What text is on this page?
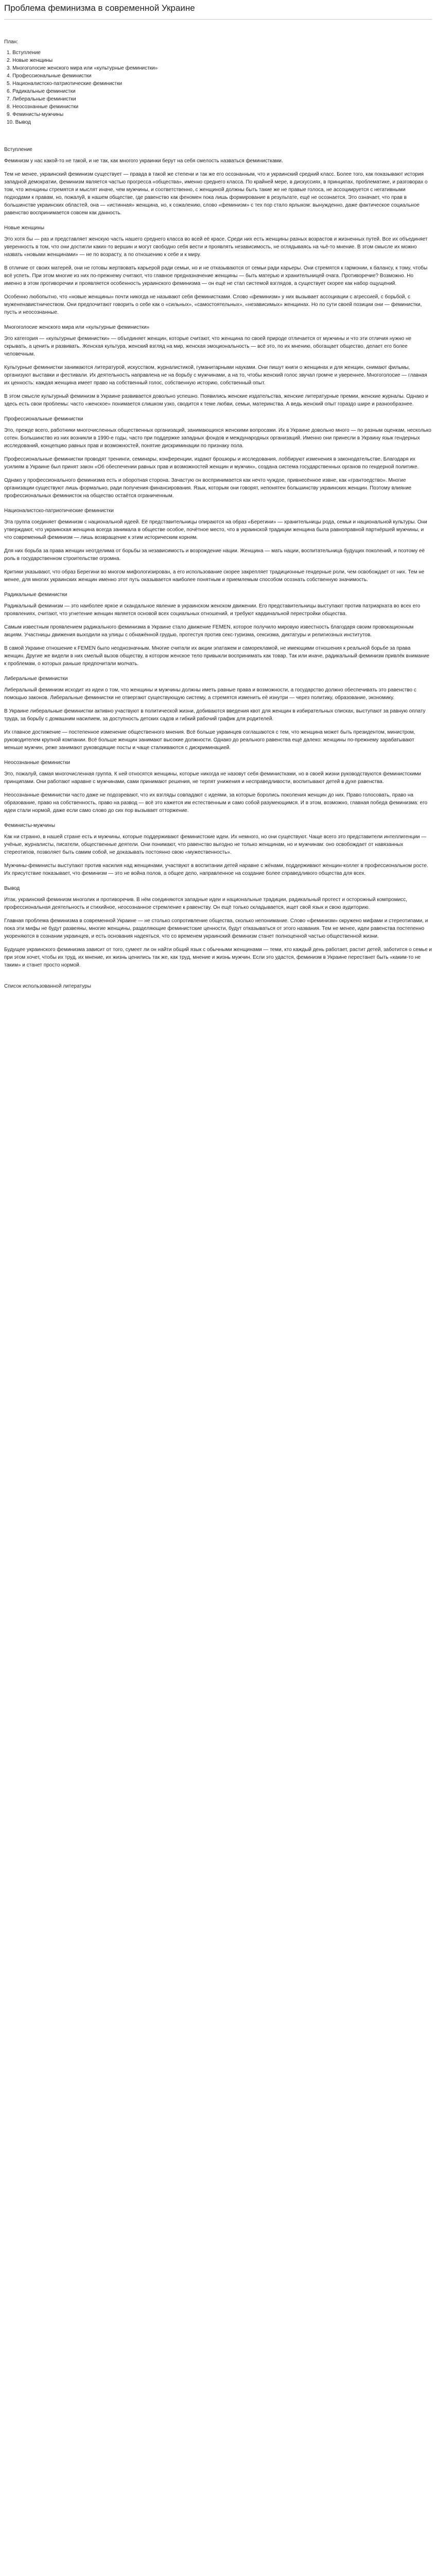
Проблема феминизма в современной Украине
План:
1. Вступление
2. Новые женщины
3. Многоголосие женского мира или «культурные феминистки»
4. Профессиональные феминистки
5. Националистско-патриотические феминистки
6. Радикальные феминистки
7. Либеральные феминистки
8. Неосознанные феминистки
9. Феминисты-мужчины
10. Вывод
Вступление

Феминизм у нас какой-то не такой, и не так, как многого украинки берут на себя смелость назваться феминистками.

Тем не менее, украинский феминизм существует — правда в такой же степени и так же его осознанным, что и украинский средний класс. Более того, как показывают история западной демократии, феминизм является частью прогресса «общества», именно среднего класса. По крайней мере, в дискуссиях, в принципах, проблематике, и разговорах о том, что женщины стремятся и мыслят иначе, чем мужчины, и соответственно, с женщиной должны быть такие же не правые голоса, не ассоциируется с негативными подходами к правам, но, пожалуй, в нашем обществе, где равенство как феномен пока лишь формирование в результате, ещё не осознается. Это означает, что прав в большинстве украинских областей, она — «истинная» женщина, но, к сожалению, слово «феминизм» с тех пор стало ярлыком: вынужденно, даже фактическое социальное равенство воспринимается совсем как данность.

Новые женщины

Это хотя бы — раз и представляет женскую часть нашего среднего класса во всей её красе. Среди них есть женщины разных возрастов и жизненных путей. Все их объединяет уверенность в том, что они достигли каких-то вершин и могут свободно себя вести и проявлять независимость, не оглядываясь на чьё-то мнение. В этом смысле их можно назвать «новыми женщинами» — не по возрасту, а по отношению к себе и к миру.

В отличие от своих матерей, они не готовы жертвовать карьерой ради семьи, но и не отказываются от семьи ради карьеры. Они стремятся к гармонии, к балансу, к тому, чтобы всё успеть. При этом многие из них по-прежнему считают, что главное предназначение женщины — быть матерью и хранительницей очага. Противоречие? Возможно. Но именно в этом противоречии и проявляется особенность украинского феминизма — он ещё не стал системой взглядов, а существует скорее как набор ощущений.

Особенно любопытно, что «новые женщины» почти никогда не называют себя феминистками. Слово «феминизм» у них вызывает ассоциации с агрессией, с борьбой, с мужененавистничеством. Они предпочитают говорить о себе как о «сильных», «самостоятельных», «независимых» женщинах. Но по сути своей позиции они — феминистки, пусть и неосознанные.

Многоголосие женского мира или «культурные феминистки»

Это категория — «культурные феминистки» — объединяет женщин, которые считают, что женщина по своей природе отличается от мужчины и что эти отличия нужно не скрывать, а ценить и развивать. Женская культура, женский взгляд на мир, женская эмоциональность — всё это, по их мнению, обогащает общество, делает его более человечным.

Культурные феминистки занимаются литературой, искусством, журналистикой, гуманитарными науками. Они пишут книги о женщинах и для женщин, снимают фильмы, организуют выставки и фестивали. Их деятельность направлена не на борьбу с мужчинами, а на то, чтобы женский голос звучал громче и увереннее. Многоголосие — главная их ценность: каждая женщина имеет право на собственный голос, собственную историю, собственный опыт.

В этом смысле культурный феминизм в Украине развивается довольно успешно. Появились женские издательства, женские литературные премии, женские журналы. Однако и здесь есть свои проблемы: часто «женское» понимается слишком узко, сводится к теме любви, семьи, материнства. А ведь женский опыт гораздо шире и разнообразнее.

Профессиональные феминистки

Это, прежде всего, работники многочисленных общественных организаций, занимающихся женскими вопросами. Их в Украине довольно много — по разным оценкам, несколько сотен. Большинство из них возникли в 1990-е годы, часто при поддержке западных фондов и международных организаций. Именно они принесли в Украину язык гендерных исследований, концепцию равных прав и возможностей, понятие дискриминации по признаку пола.

Профессиональные феминистки проводят тренинги, семинары, конференции, издают брошюры и исследования, лоббируют изменения в законодательстве. Благодаря их усилиям в Украине был принят закон «Об обеспечении равных прав и возможностей женщин и мужчин», создана система государственных органов по гендерной политике.

Однако у профессионального феминизма есть и оборотная сторона. Зачастую он воспринимается как нечто чуждое, привнесённое извне, как «грантоедство». Многие организации существуют лишь формально, ради получения финансирования. Язык, которым они говорят, непонятен большинству украинских женщин. Поэтому влияние профессиональных феминисток на общество остаётся ограниченным.

Националистско-патриотические феминистки

Эта группа соединяет феминизм с национальной идеей. Её представительницы опираются на образ «Берегини» — хранительницы рода, семьи и национальной культуры. Они утверждают, что украинская женщина всегда занимала в обществе особое, почётное место, что в украинской традиции женщина была равноправной партнёршей мужчины, и что современный феминизм — лишь возвращение к этим историческим корням.

Для них борьба за права женщин неотделима от борьбы за независимость и возрождение нации. Женщина — мать нации, воспитательница будущих поколений, и поэтому её роль в государственном строительстве огромна.

Критики указывают, что образ Берегини во многом мифологизирован, а его использование скорее закрепляет традиционные гендерные роли, чем освобождает от них. Тем не менее, для многих украинских женщин именно этот путь оказывается наиболее понятным и приемлемым способом осознать собственную значимость.

Радикальные феминистки

Радикальный феминизм — это наиболее яркое и скандальное явление в украинском женском движении. Его представительницы выступают против патриархата во всех его проявлениях, считают, что угнетение женщин является основой всех социальных отношений, и требуют кардинальной перестройки общества.

Самым известным проявлением радикального феминизма в Украине стало движение FEMEN, которое получило мировую известность благодаря своим провокационным акциям. Участницы движения выходили на улицы с обнажённой грудью, протестуя против секс-туризма, сексизма, диктатуры и религиозных институтов.

В самой Украине отношение к FEMEN было неоднозначным. Многие считали их акции эпатажем и саморекламой, не имеющими отношения к реальной борьбе за права женщин. Другие же видели в них смелый вызов обществу, в котором женское тело привыкли воспринимать как товар. Так или иначе, радикальный феминизм привлёк внимание к проблемам, о которых раньше предпочитали молчать.

Либеральные феминистки

Либеральный феминизм исходит из идеи о том, что женщины и мужчины должны иметь равные права и возможности, а государство должно обеспечивать это равенство с помощью законов. Либеральные феминистки не отвергают существующую систему, а стремятся изменить её изнутри — через политику, образование, экономику.

В Украине либеральные феминистки активно участвуют в политической жизни, добиваются введения квот для женщин в избирательных списках, выступают за равную оплату труда, за борьбу с домашним насилием, за доступность детских садов и гибкий рабочий график для родителей.

Их главное достижение — постепенное изменение общественного мнения. Всё больше украинцев соглашаются с тем, что женщина может быть президентом, министром, руководителем крупной компании. Всё больше женщин занимают высокие должности. Однако до реального равенства ещё далеко: женщины по-прежнему зарабатывают меньше мужчин, реже занимают руководящие посты и чаще сталкиваются с дискриминацией.

Неосознанные феминистки

Это, пожалуй, самая многочисленная группа. К ней относятся женщины, которые никогда не назовут себя феминистками, но в своей жизни руководствуются феминистскими принципами. Они работают наравне с мужчинами, сами принимают решения, не терпят унижения и несправедливости, воспитывают детей в духе равенства.

Неосознанные феминистки часто даже не подозревают, что их взгляды совпадают с идеями, за которые боролись поколения женщин до них. Право голосовать, право на образование, право на собственность, право на развод — всё это кажется им естественным и само собой разумеющимся. И в этом, возможно, главная победа феминизма: его идеи стали нормой, даже если само слово до сих пор вызывает отторжение.

Феминисты-мужчины

Как ни странно, в нашей стране есть и мужчины, которые поддерживают феминистские идеи. Их немного, но они существуют. Чаще всего это представители интеллигенции — учёные, журналисты, писатели, общественные деятели. Они понимают, что равенство выгодно не только женщинам, но и мужчинам: оно освобождает от навязанных стереотипов, позволяет быть самим собой, не доказывать постоянно свою «мужественность».

Мужчины-феминисты выступают против насилия над женщинами, участвуют в воспитании детей наравне с жёнами, поддерживают женщин-коллег в профессиональном росте. Их присутствие показывает, что феминизм — это не война полов, а общее дело, направленное на создание более справедливого общества для всех.

Вывод

Итак, украинский феминизм многолик и противоречив. В нём соединяются западные идеи и национальные традиции, радикальный протест и осторожный компромисс, профессиональная деятельность и стихийное, неосознанное стремление к равенству. Он ещё только складывается, ищет свой язык и свою аудиторию.

Главная проблема феминизма в современной Украине — не столько сопротивление общества, сколько непонимание. Слово «феминизм» окружено мифами и стереотипами, и пока эти мифы не будут развеяны, многие женщины, разделяющие феминистские ценности, будут отказываться от этого названия. Тем не менее, идеи равенства постепенно укореняются в сознании украинцев, и есть основания надеяться, что со временем украинский феминизм станет полноценной частью общественной жизни.

Будущее украинского феминизма зависит от того, сумеет ли он найти общий язык с обычными женщинами — теми, кто каждый день работает, растит детей, заботится о семье и при этом хочет, чтобы их труд, их мнение, их жизнь ценились так же, как труд, мнение и жизнь мужчин. Если это удастся, феминизм в Украине перестанет быть «каким-то не таким» и станет просто нормой.

Список использованной литературы
